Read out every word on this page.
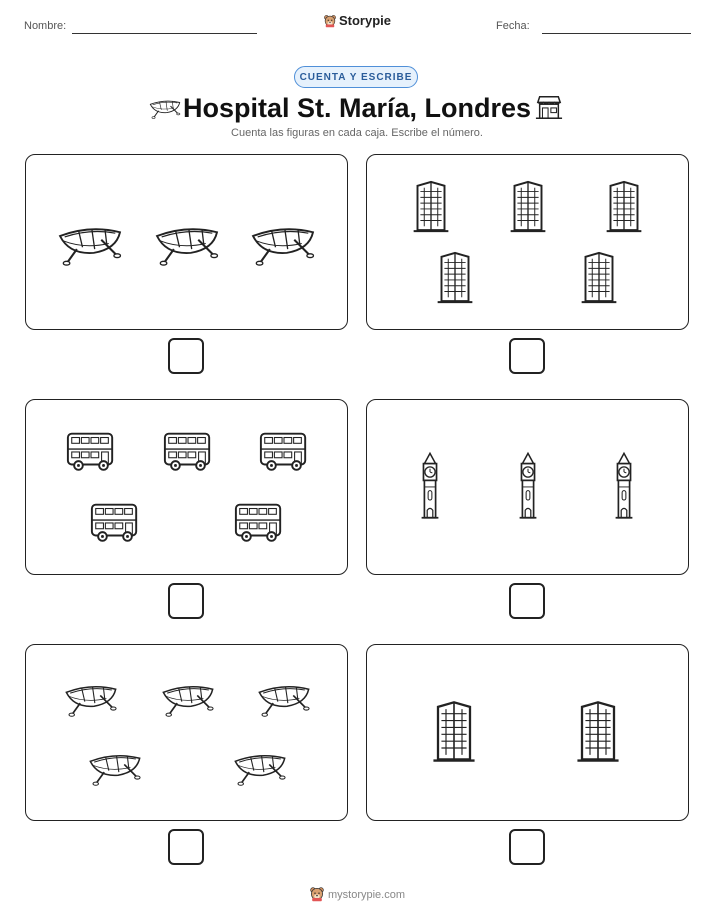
Nombre:	Storypie	Fecha:
CUENTA Y ESCRIBE
Hospital St. María, Londres
Cuenta las figuras en cada caja. Escribe el número.
mystorypie.com
